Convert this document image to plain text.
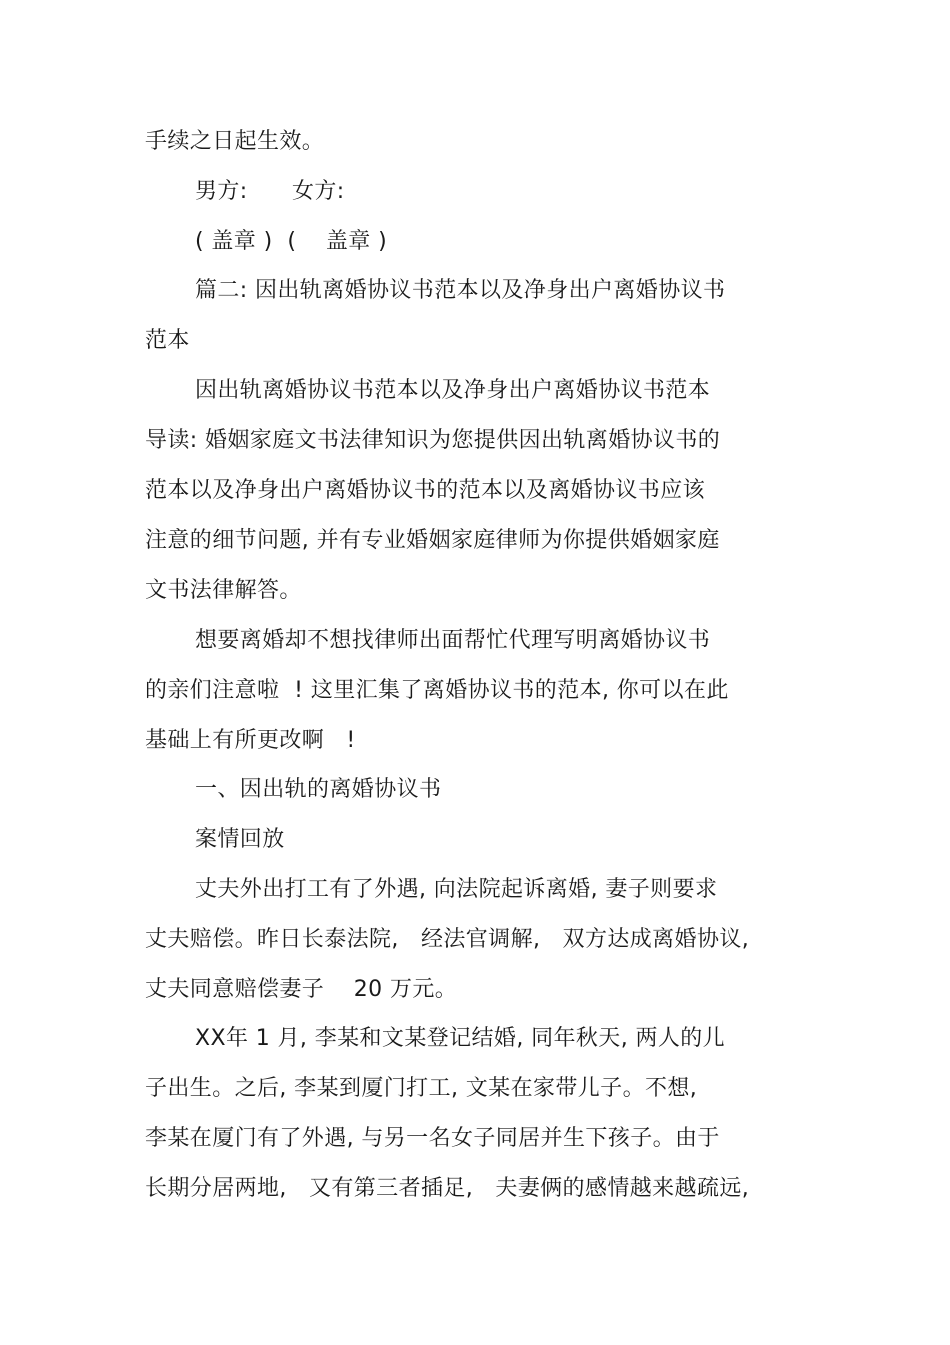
手续之日起生效。
男方:      女方:
( 盖章 )  (    盖章 )
篇二: 因出轨离婚协议书范本以及净身出户离婚协议书
范本
因出轨离婚协议书范本以及净身出户离婚协议书范本
导读: 婚姻家庭文书法律知识为您提供因出轨离婚协议书的
范本以及净身出户离婚协议书的范本以及离婚协议书应该
注意的细节问题, 并有专业婚姻家庭律师为你提供婚姻家庭
文书法律解答。
想要离婚却不想找律师出面帮忙代理写明离婚协议书
的亲们注意啦  ! 这里汇集了离婚协议书的范本, 你可以在此
基础上有所更改啊   !
一、因出轨的离婚协议书
案情回放
丈夫外出打工有了外遇, 向法院起诉离婚, 妻子则要求
丈夫赔偿。昨日长泰法院,   经法官调解,   双方达成离婚协议,
丈夫同意赔偿妻子    20 万元。
XX年 1 月, 李某和文某登记结婚, 同年秋天, 两人的儿
子出生。之后, 李某到厦门打工, 文某在家带儿子。不想,
李某在厦门有了外遇, 与另一名女子同居并生下孩子。由于
长期分居两地,   又有第三者插足,   夫妻俩的感情越来越疏远,
